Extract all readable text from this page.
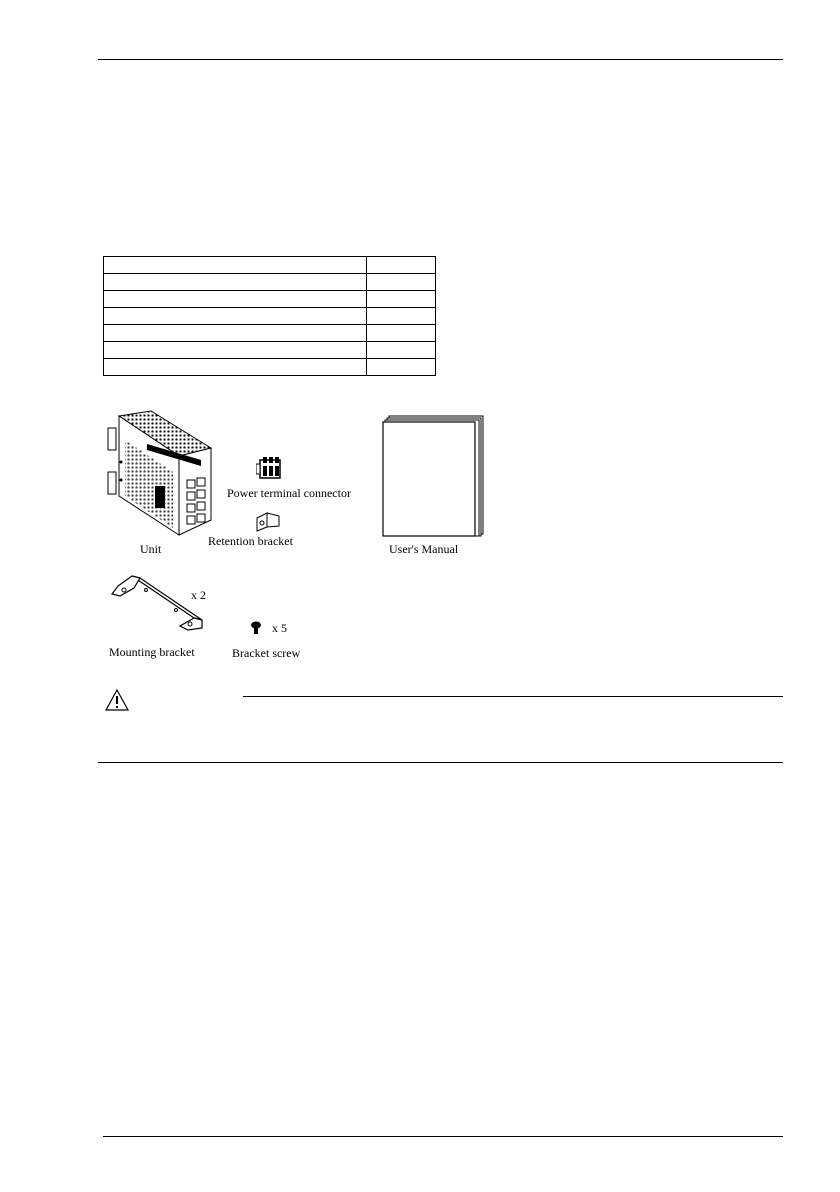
Unit
Power terminal connector
Retention bracket
User's Manual
x 2
Mounting bracket
x 5
Bracket screw
